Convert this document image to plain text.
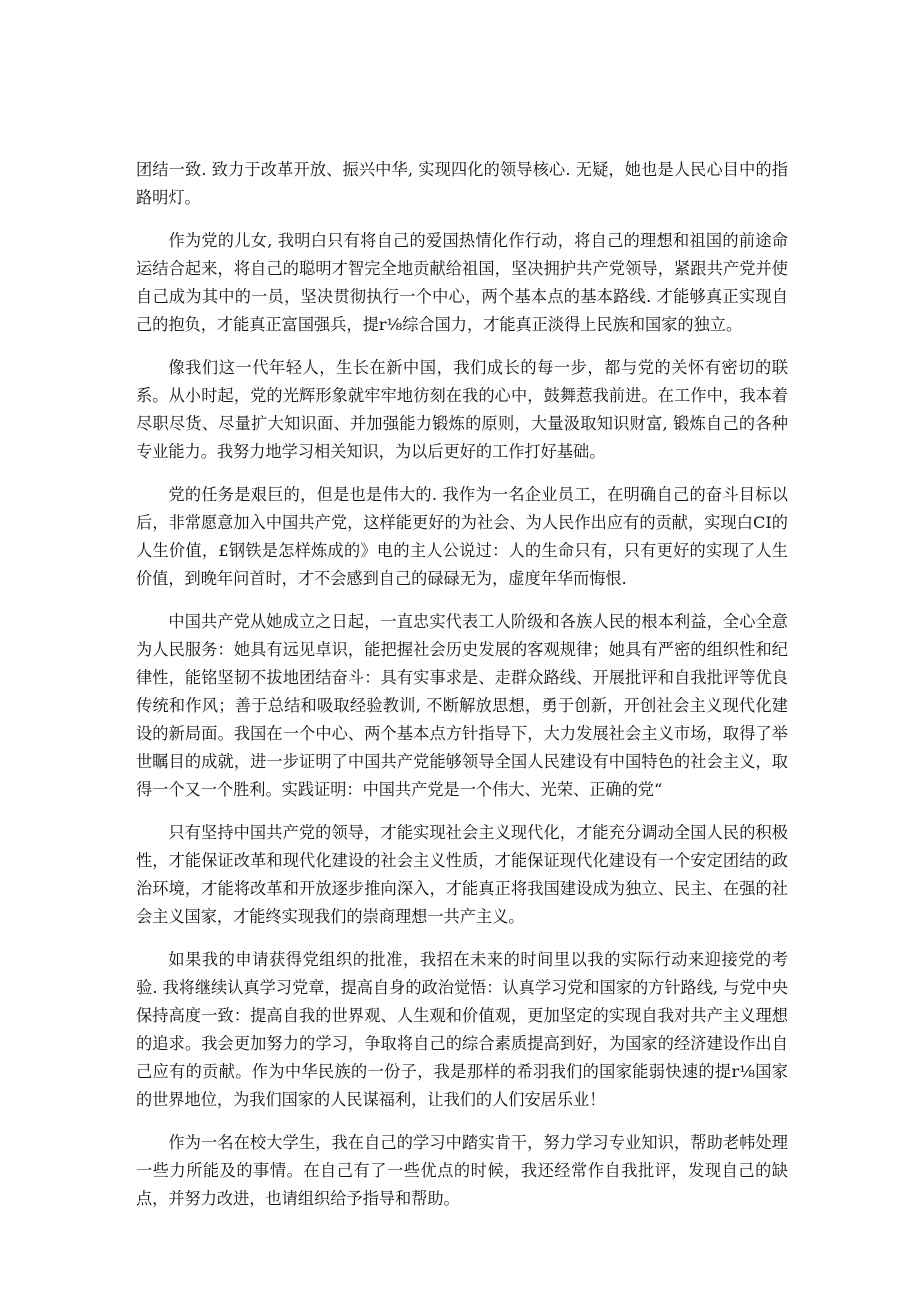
团结一致. 致力于改革开放、振兴中华, 实现四化的领导核心. 无疑，她也是人民心目中的指路明灯。

作为党的儿女, 我明白只有将自己的爱国热情化作行动，将自己的理想和祖国的前途命运结合起来，将自己的聪明才智完全地贡献给祖国，坚决拥护共产党领导，紧跟共产党并使自己成为其中的一员，坚决贯彻执行一个中心，两个基本点的基本路线. 才能够真正实现自己的抱负，才能真正富国强兵，提r⅛综合国力，才能真正淡得上民族和国家的独立。

像我们这一代年轻人，生长在新中国，我们成长的每一步，都与党的关怀有密切的联系。从小时起，党的光辉形象就牢牢地彷刻在我的心中，鼓舞惹我前进。在工作中，我本着尽职尽货、尽量扩大知识面、并加强能力锻炼的原则，大量汲取知识财富, 锻炼自己的各种专业能力。我努力地学习相关知识，为以后更好的工作打好基础。

党的任务是艰巨的，但是也是伟大的. 我作为一名企业员工，在明确自己的奋斗目标以后，非常愿意加入中国共产党，这样能更好的为社会、为人民作出应有的贡献，实现白CI的人生价值，£钢铁是怎样炼成的》电的主人公说过：人的生命只有，只有更好的实现了人生价值，到晚年问首时，才不会感到自己的碌碌无为，虚度年华而悔恨.

中国共产党从她成立之日起，一直忠实代表工人阶级和各族人民的根本利益，全心全意为人民服务：她具有远见卓识，能把握社会历史发展的客观规律；她具有严密的组织性和纪律性，能铭坚韧不拔地团结奋斗：具有实事求是、走群众路线、开展批评和自我批评等优良传统和作风；善于总结和吸取经验教训, 不断解放思想，勇于创新，开创社会主义现代化建设的新局面。我国在一个中心、两个基本点方针指导下，大力发展社会主义市场，取得了举世瞩目的成就，进一步证明了中国共产党能够领导全国人民建设有中国特色的社会主义，取得一个又一个胜利。实践证明：中国共产党是一个伟大、光荣、正确的党“

只有坚持中国共产党的领导，才能实现社会主义现代化，才能充分调动全国人民的积极性，才能保证改革和现代化建设的社会主义性质，才能保证现代化建设有一个安定团结的政治环境，才能将改革和开放逐步推向深入，才能真正将我国建设成为独立、民主、在强的社会主义国家，才能终实现我们的崇商理想一共产主义。

如果我的申请获得党组织的批准，我招在未来的时间里以我的实际行动来迎接党的考验. 我将继续认真学习党章，提高自身的政治觉悟：认真学习党和国家的方针路线, 与党中央保持高度一致：提高自我的世界观、人生观和价值观，更加坚定的实现自我对共产主义理想的追求。我会更加努力的学习，争取将自己的综合素质提高到好，为国家的经济建设作出自己应有的贡献。作为中华民族的一份子，我是那样的希羽我们的国家能弱快速的提r⅛国家的世界地位，为我们国家的人民谋福利，让我们的人们安居乐业！

作为一名在校大学生，我在自己的学习中踏实肯干，努力学习专业知识，帮助老帏处理一些力所能及的事情。在自己有了一些优点的时候，我还经常作自我批评，发现自己的缺点，并努力改进，也请组织给予指导和帮助。
